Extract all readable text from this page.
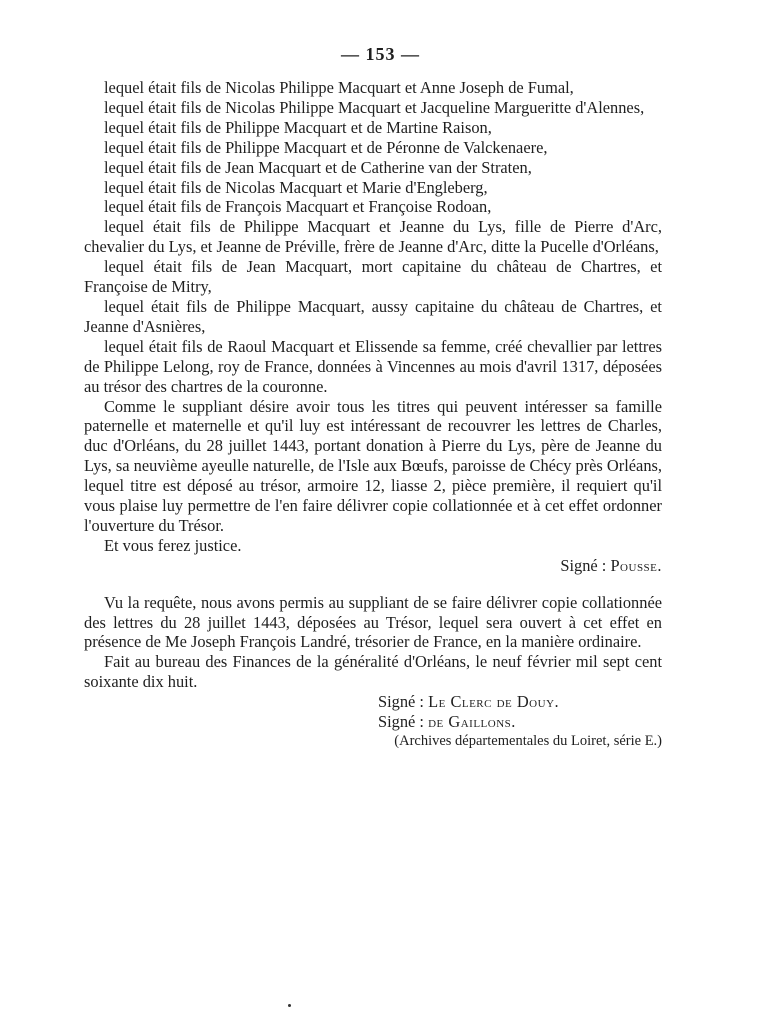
— 153 —

lequel était fils de Nicolas Philippe Macquart et Anne Joseph de Fumal,

lequel était fils de Nicolas Philippe Macquart et Jacqueline Margueritte d'Alennes,

lequel était fils de Philippe Macquart et de Martine Raison,

lequel était fils de Philippe Macquart et de Péronne de Valckenaere,

lequel était fils de Jean Macquart et de Catherine van der Straten,

lequel était fils de Nicolas Macquart et Marie d'Engleberg,

lequel était fils de François Macquart et Françoise Rodoan,

lequel était fils de Philippe Macquart et Jeanne du Lys, fille de Pierre d'Arc, chevalier du Lys, et Jeanne de Préville, frère de Jeanne d'Arc, ditte la Pucelle d'Orléans,

lequel était fils de Jean Macquart, mort capitaine du château de Chartres, et Françoise de Mitry,

lequel était fils de Philippe Macquart, aussy capitaine du château de Chartres, et Jeanne d'Asnières,

lequel était fils de Raoul Macquart et Elissende sa femme, créé chevallier par lettres de Philippe Lelong, roy de France, données à Vincennes au mois d'avril 1317, déposées au trésor des chartres de la couronne.

Comme le suppliant désire avoir tous les titres qui peuvent intéresser sa famille paternelle et maternelle et qu'il luy est intéressant de recouvrer les lettres de Charles, duc d'Orléans, du 28 juillet 1443, portant donation à Pierre du Lys, père de Jeanne du Lys, sa neuvième ayeulle naturelle, de l'Isle aux Bœufs, paroisse de Chécy près Orléans, lequel titre est déposé au trésor, armoire 12, liasse 2, pièce première, il requiert qu'il vous plaise luy permettre de l'en faire délivrer copie collationnée et à cet effet ordonner l'ouverture du Trésor.

Et vous ferez justice.

Signé : Pousse.

Vu la requête, nous avons permis au suppliant de se faire délivrer copie collationnée des lettres du 28 juillet 1443, déposées au Trésor, lequel sera ouvert à cet effet en présence de Me Joseph François Landré, trésorier de France, en la manière ordinaire.

Fait au bureau des Finances de la généralité d'Orléans, le neuf février mil sept cent soixante dix huit.

Signé : Le Clerc de Douy.

Signé : de Gaillons.

(Archives départementales du Loiret, série E.)
